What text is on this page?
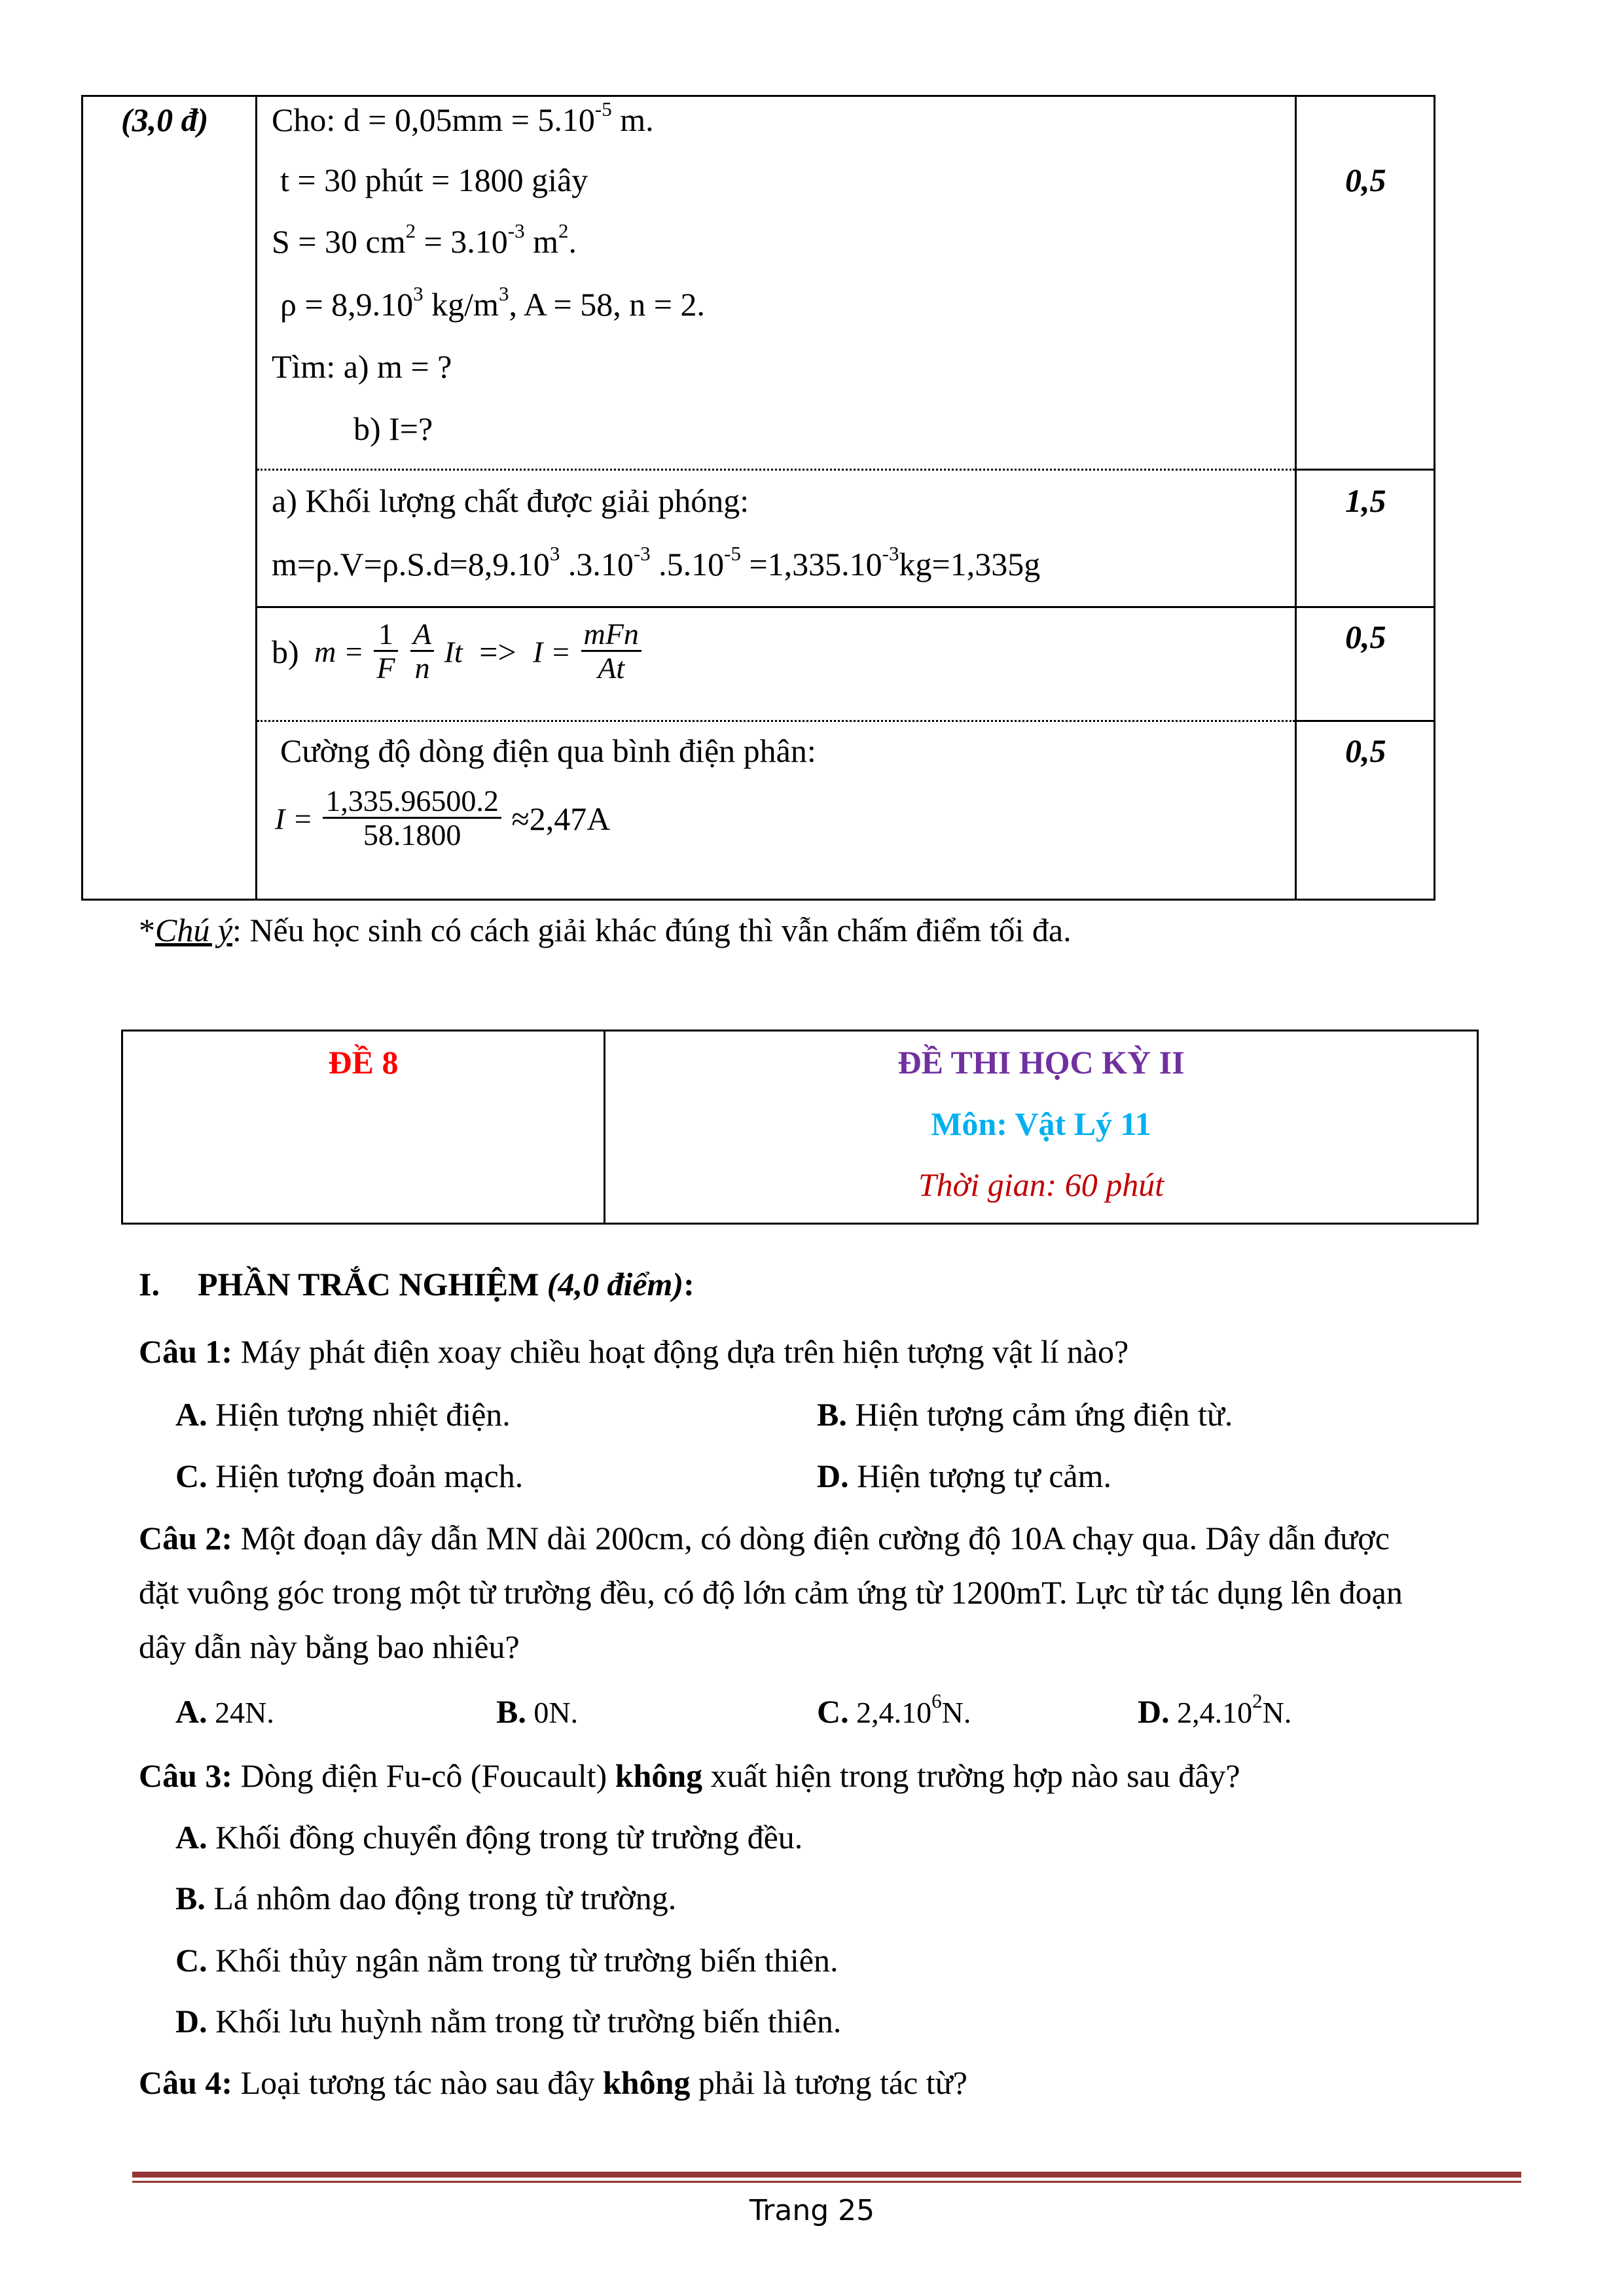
(3,0 đ) Cho: $d = 0,05mm = 5.10^{-5}$ m.
t = 30 phút = 1800 giây
S = 30 $cm^2 = 3.10^{-3}$ $m^2$.
$\rho = 8,9.10^3$ $kg/m^3$, A = 58, n = 2.
Tìm: a) m = ?
b) I=?
0,5
a) Khối lượng chất được giải phóng:
$m=\rho.V=\rho.S.d=8,9.10^3$ $.3.10^{-3}$ $.5.10^{-5} =1,335.10^{-3}kg=1,335g$
1,5
b) $m = \frac{1}{F}$
$\frac{A}{n}$ $It => I = \frac{\text{mFn}}{At}$	0,5
Cường độ dòng điện qua bình điện phân:
$I = \frac{1,335.96500.2}{58.1800} \approx 2,47A$
0,5
*Chú ý: Nếu học sinh có cách giải khác đúng thì vẫn chấm điểm tối đa.
ĐỀ 8	ĐỀ THI HỌC KỲ II
Môn: Vật Lý 11
Thời gian: 60 phút
I. PHẦN TRẮC NGHIỆM (4,0 điểm):
Câu 1: Máy phát điện xoay chiều hoạt động dựa trên hiện tượng vật lí nào?
A. Hiện tượng nhiệt điện.	B. Hiện tượng cảm ứng điện từ.
C. Hiện tượng đoản mạch.	D. Hiện tượng tự cảm.
Câu 2: Một đoạn dây dẫn MN dài 200cm, có dòng điện cường độ 10A chạy qua. Dây dẫn được
đặt vuông góc trong một từ trường đều, có độ lớn cảm ứng từ 1200mT. Lực từ tác dụng lên đoạn
dây dẫn này bằng bao nhiêu?
A. 24N.	B. 0N.	C. 2,4.10$^6$N.	D. 2,4.10$^2$N.
Câu 3: Dòng điện Fu-cô (Foucault) không xuất hiện trong trường hợp nào sau đây?
A. Khối đồng chuyển động trong từ trường đều.
B. Lá nhôm dao động trong từ trường.
C. Khối thủy ngân nằm trong từ trường biến thiên.
D. Khối lưu huỳnh nằm trong từ trường biến thiên.
Câu 4: Loại tương tác nào sau đây không phải là tương tác từ?
Trang 25
